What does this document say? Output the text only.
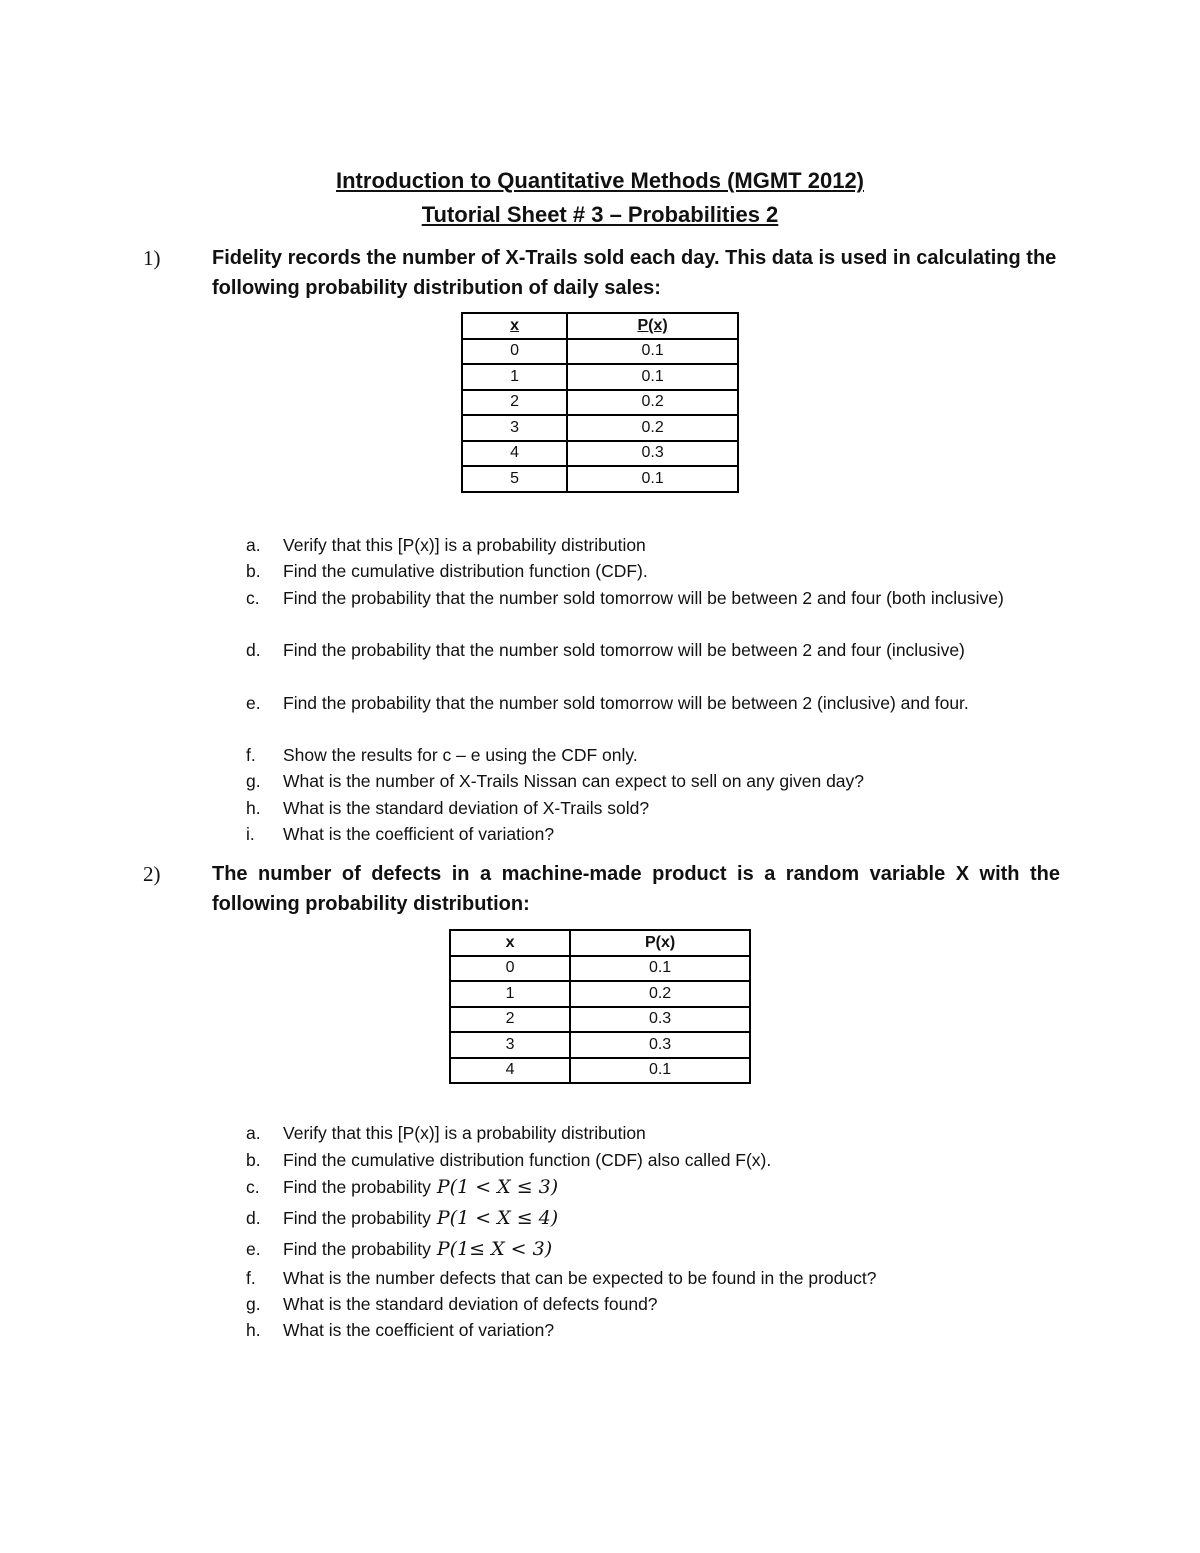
Introduction to Quantitative Methods (MGMT 2012)
Tutorial Sheet # 3 – Probabilities 2
1)	Fidelity records the number of X-Trails sold each day. This data is used in calculating the following probability distribution of daily sales:
x	P(x)
0	0.1
1	0.1
2	0.2
3	0.2
4	0.3
5	0.1
a. Verify that this [P(x)] is a probability distribution
b. Find the cumulative distribution function (CDF).
c. Find the probability that the number sold tomorrow will be between 2 and four (both inclusive)
d. Find the probability that the number sold tomorrow will be between 2 and four (inclusive)
e. Find the probability that the number sold tomorrow will be between 2 (inclusive) and four.
f. Show the results for c – e using the CDF only.
g. What is the number of X-Trails Nissan can expect to sell on any given day?
h. What is the standard deviation of X-Trails sold?
i. What is the coefficient of variation?
2)	The number of defects in a machine-made product is a random variable X with the following probability distribution:
x	P(x)
0	0.1
1	0.2
2	0.3
3	0.3
4	0.1
a. Verify that this [P(x)] is a probability distribution
b. Find the cumulative distribution function (CDF) also called F(x).
c. Find the probability P(1 < X ≤ 3)
d. Find the probability P(1 < X ≤ 4)
e. Find the probability P(1≤ X < 3)
f. What is the number defects that can be expected to be found in the product?
g. What is the standard deviation of defects found?
h. What is the coefficient of variation?
